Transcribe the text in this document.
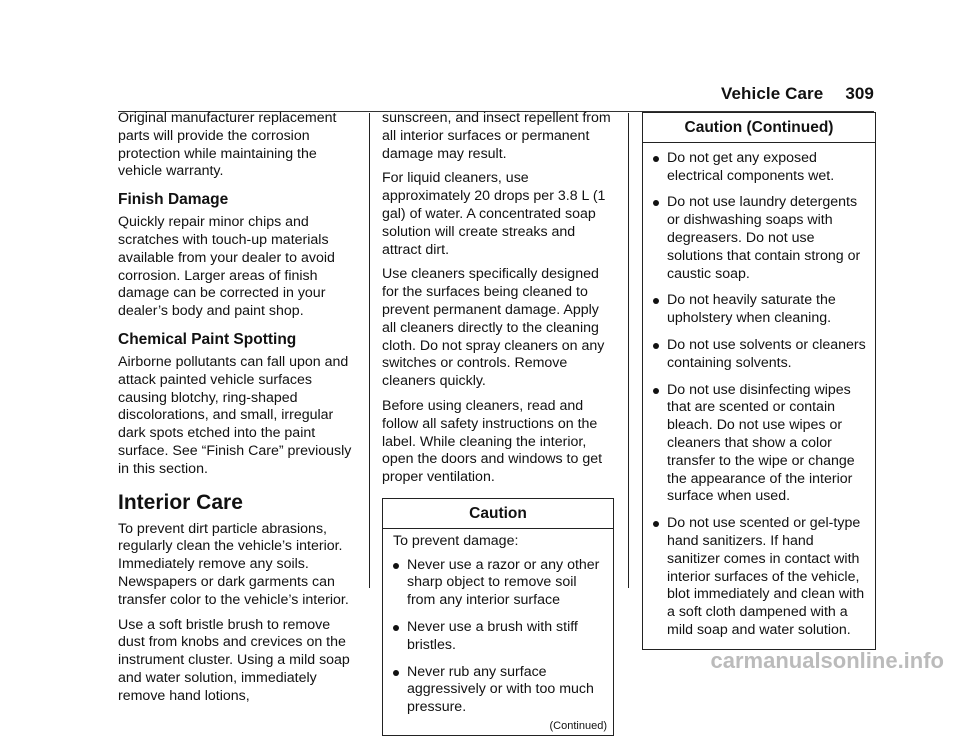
Vehicle Care 309

Original manufacturer replacement parts will provide the corrosion protection while maintaining the vehicle warranty.

Finish Damage

Quickly repair minor chips and scratches with touch-up materials available from your dealer to avoid corrosion. Larger areas of finish damage can be corrected in your dealer’s body and paint shop.

Chemical Paint Spotting

Airborne pollutants can fall upon and attack painted vehicle surfaces causing blotchy, ring-shaped discolorations, and small, irregular dark spots etched into the paint surface. See “Finish Care” previously in this section.

Interior Care

To prevent dirt particle abrasions, regularly clean the vehicle’s interior. Immediately remove any soils. Newspapers or dark garments can transfer color to the vehicle’s interior.

Use a soft bristle brush to remove dust from knobs and crevices on the instrument cluster. Using a mild soap and water solution, immediately remove hand lotions,

sunscreen, and insect repellent from all interior surfaces or permanent damage may result.

For liquid cleaners, use approximately 20 drops per 3.8 L (1 gal) of water. A concentrated soap solution will create streaks and attract dirt.

Use cleaners specifically designed for the surfaces being cleaned to prevent permanent damage. Apply all cleaners directly to the cleaning cloth. Do not spray cleaners on any switches or controls. Remove cleaners quickly.

Before using cleaners, read and follow all safety instructions on the label. While cleaning the interior, open the doors and windows to get proper ventilation.

Caution
To prevent damage:
Never use a razor or any other sharp object to remove soil from any interior surface
Never use a brush with stiff bristles.
Never rub any surface aggressively or with too much pressure.
(Continued)
Caution (Continued)
Do not get any exposed electrical components wet.
Do not use laundry detergents or dishwashing soaps with degreasers. Do not use solutions that contain strong or caustic soap.
Do not heavily saturate the upholstery when cleaning.
Do not use solvents or cleaners containing solvents.
Do not use disinfecting wipes that are scented or contain bleach. Do not use wipes or cleaners that show a color transfer to the wipe or change the appearance of the interior surface when used.
Do not use scented or gel-type hand sanitizers. If hand sanitizer comes in contact with interior surfaces of the vehicle, blot immediately and clean with a soft cloth dampened with a mild soap and water solution.
carmanualsonline.info
